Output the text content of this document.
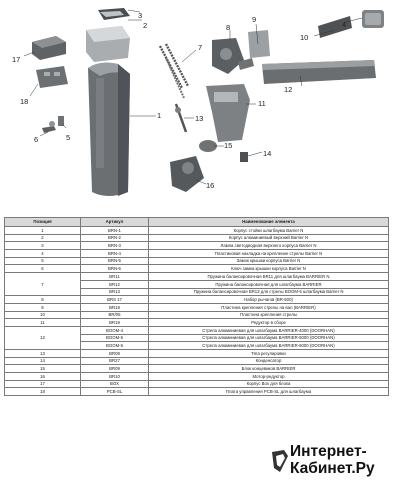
1
2
3
4
5
6
7
8
9
10
11
12
13
14
15
16
17
18
Позиция	Артикул	Наименование элемента
1	BRN-1	Корпус стойки шлагбаума Barrier N
2	BRN-2	Корпус алюминиевый верхний Barrier N
3	BRN-3	Лампа светодиодная верхнего корпуса Barrier N
4	BRN-4	Пластиковая накладка на крепление стрелы Barrier N
5	BRN-5	Замок крышки корпуса Barrier N
6	BRN-6	Ключ замка крышки корпуса Barrier N
7	BR11	Пружина балансировочная BR11 для шлагбаума BARRIER N
	BR12	Пружина балансировочная для шлагбаума BARRIER
	BR13	Пружина балансировочная BR13 для стрелы BOOM-5 шлагбаума Barrier N
8	BRS 17	Набор рычагов (BR-500)
9	BR18	Пластина крепления стрелы на вал (BARRIER)
10	BR/05	Пластина крепления стрелы
11	BR19	Редуктор в сборе
12	BOOM-4	Стрела алюминиевая для шлагбаума BARRIER-4000 (DOORHAN)
	BOOM-5	Стрела алюминиевая для шлагбаума BARRIER-5000 (DOORHAN)
	BOOM-6	Стрела алюминиевая для шлагбаума BARRIER-6000 (DOORHAN)
13	BR08	Тяга регулировки
14	BR27	Конденсатор
15	BR09	Блок концевиков BARRIER
16	BR10	Мотор-редуктор
17	BOX	Корпус Box для блока
18	PCB-SL	Плата управления PCB-SL для шлагбаума
Интернет-
Кабинет.Ру
